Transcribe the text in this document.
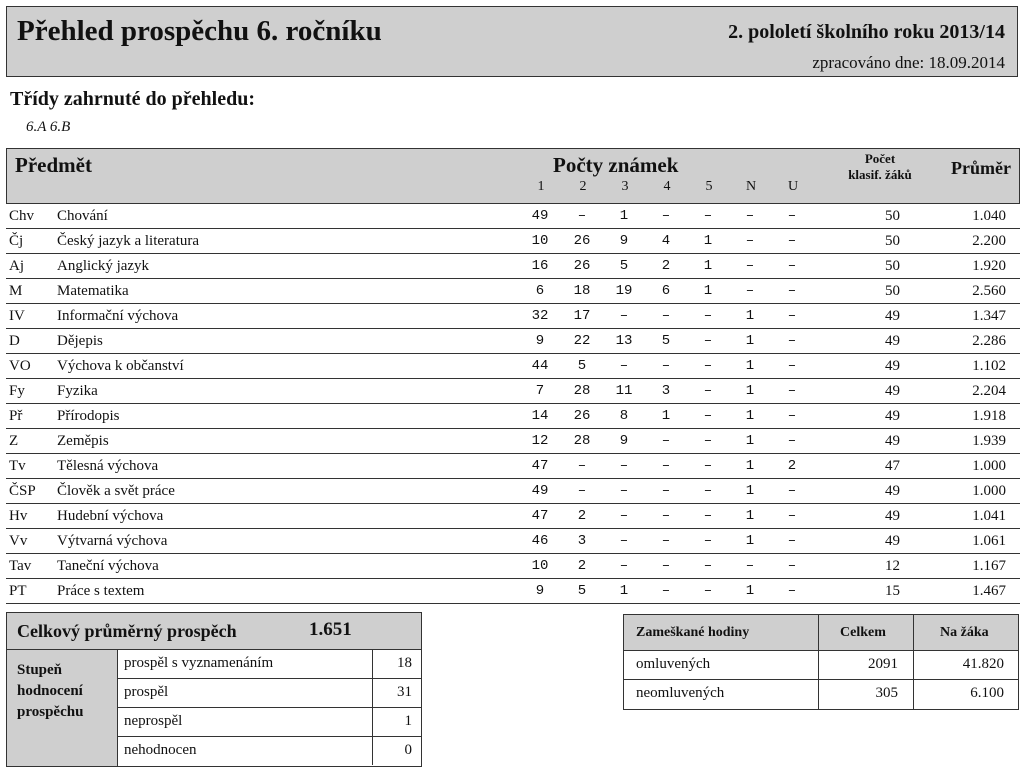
Přehled prospěchu 6. ročníku	2. pololetí školního roku 2013/14
zpracováno dne: 18.09.2014
Třídy zahrnuté do přehledu:
6.A 6.B
Předmět	Počty známek
1	2	3	4	5	N	U
Počet
klasif. žáků	Průměr
Chv Chování	49	–	1	–	–	–	–	50	1.040
Čj Český jazyk a literatura	10	26	9	4	1	–	–	50	2.200
Aj Anglický jazyk	16	26	5	2	1	–	–	50	1.920
M Matematika	6	18	19	6	1	–	–	50	2.560
IV Informační výchova	32	17	–	–	–	1	–	49	1.347
D Dějepis	9	22	13	5	–	1	–	49	2.286
VO Výchova k občanství	44	5	–	–	–	1	–	49	1.102
Fy Fyzika	7	28	11	3	–	1	–	49	2.204
Př Přírodopis	14	26	8	1	–	1	–	49	1.918
Z	Zeměpis	12	28	9	–	–	1	–	49	1.939
Tv Tělesná výchova	47	–	–	–	–	1	2	47	1.000
ČSP Člověk a svět práce	49	–	–	–	–	1	–	49	1.000
Hv Hudební výchova	47	2	–	–	–	1	–	49	1.041
Vv Výtvarná výchova	46	3	–	–	–	1	–	49	1.061
Tav Taneční výchova	10	2	–	–	–	–	–	12	1.167
PT Práce s textem	9	5	1	–	–	1	–	15	1.467
Celkový průměrný prospěch	1.651
Stupeň hodnocení prospěchu
prospěl s vyznamenáním	18
prospěl	31
neprospěl	1
nehodnocen	0
Zameškané hodiny	Celkem	Na žáka
omluvených	2091	41.820
neomluvených	305	6.100
